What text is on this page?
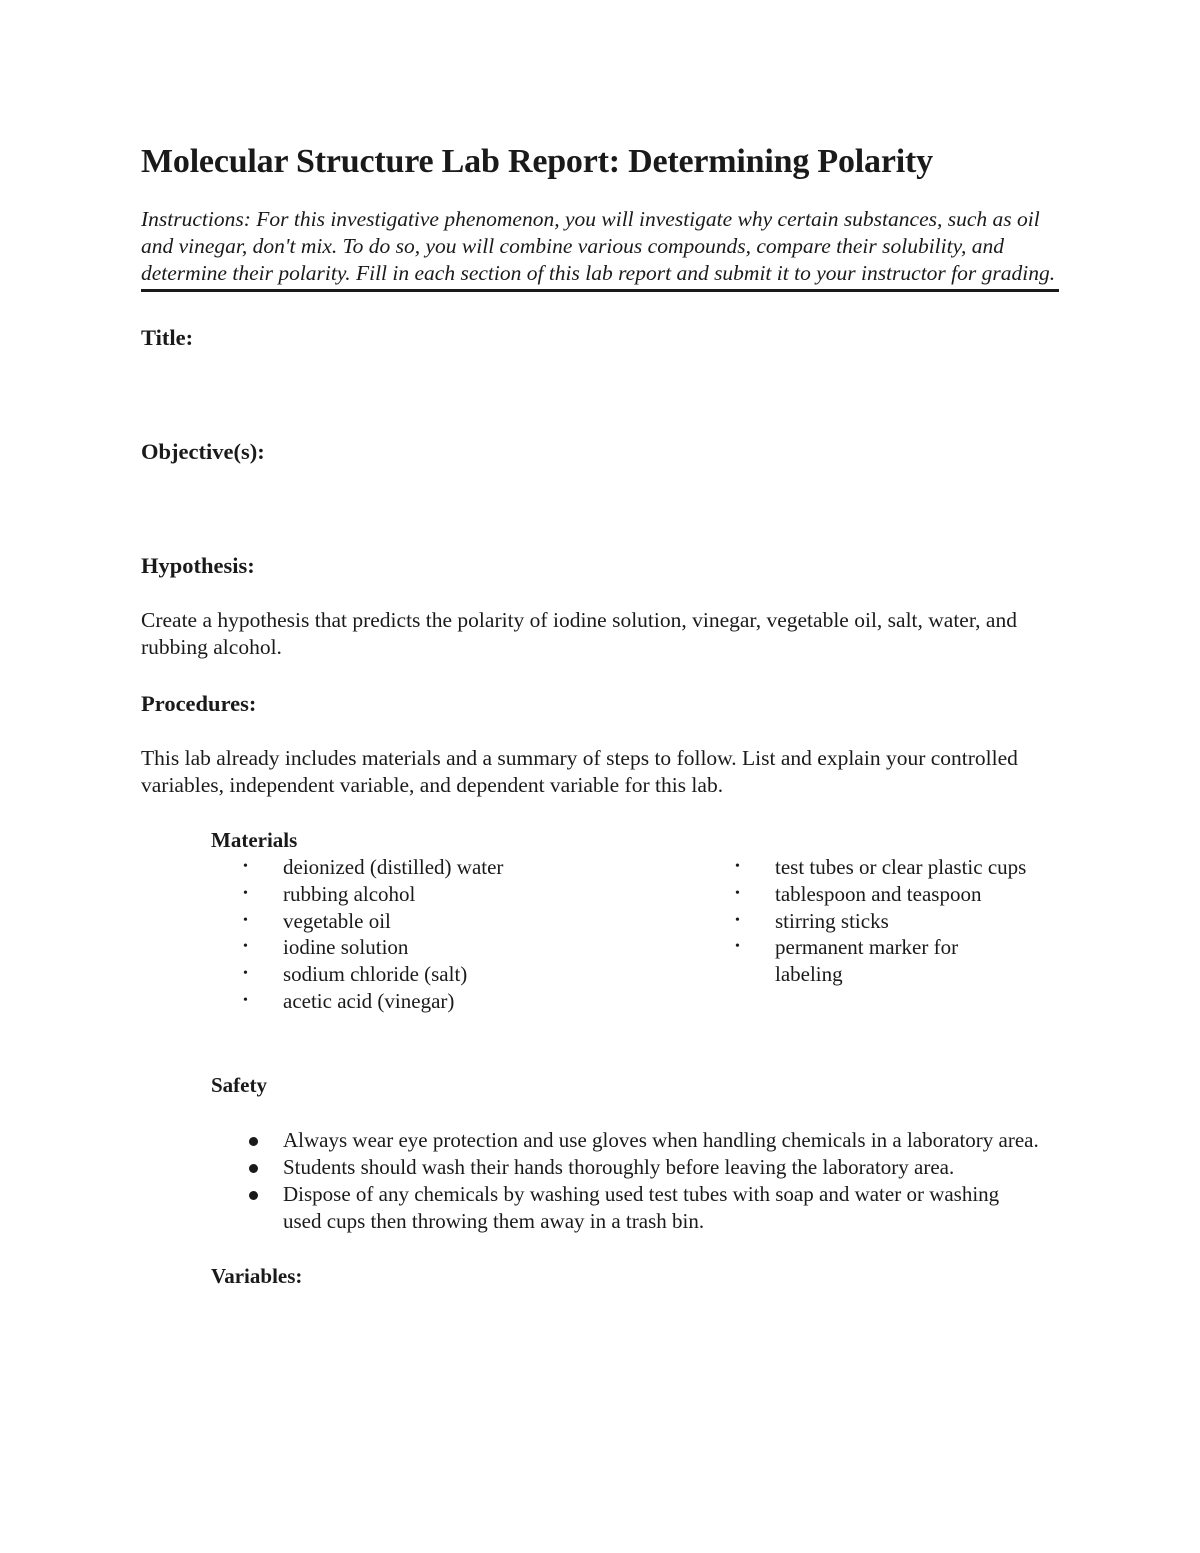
Molecular Structure Lab Report: Determining Polarity
Instructions: For this investigative phenomenon, you will investigate why certain substances, such as oil and vinegar, don't mix. To do so, you will combine various compounds, compare their solubility, and determine their polarity. Fill in each section of this lab report and submit it to your instructor for grading.
Title:
Objective(s):
Hypothesis:

Create a hypothesis that predicts the polarity of iodine solution, vinegar, vegetable oil, salt, water, and rubbing alcohol.

Procedures:

This lab already includes materials and a summary of steps to follow. List and explain your controlled variables, independent variable, and dependent variable for this lab.

Materials
• deionized (distilled) water
• rubbing alcohol
• vegetable oil
• iodine solution
• sodium chloride (salt)
• acetic acid (vinegar)
• test tubes or clear plastic cups
• tablespoon and teaspoon
• stirring sticks
• permanent marker for labeling
Safety
Always wear eye protection and use gloves when handling chemicals in a laboratory area.
Students should wash their hands thoroughly before leaving the laboratory area.
Dispose of any chemicals by washing used test tubes with soap and water or washing used cups then throwing them away in a trash bin.
Variables:
